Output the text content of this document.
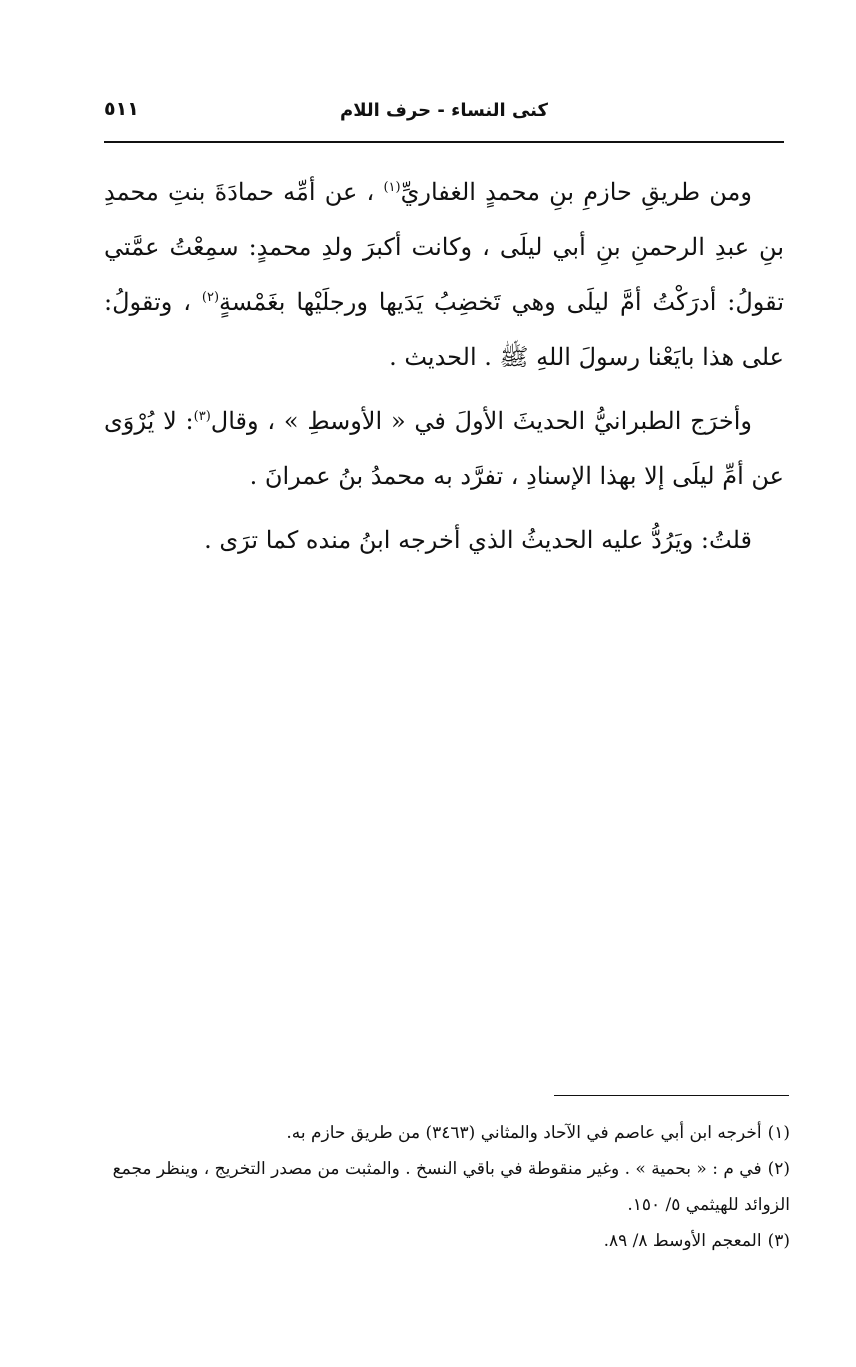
كنى النساء - حرف اللام
٥١١

ومن طريقِ حازمِ بنِ محمدٍ الغفاريِّ$^{(١)}$ ، عن أمِّه حمادَةَ بنتِ محمدِ بنِ عبدِ الرحمنِ بنِ أبي ليلَى ، وكانت أكبرَ ولدِ محمدٍ: سمِعْتُ عمَّتي تقولُ: أدرَكْتُ أمَّ ليلَى وهي تَخضِبُ يَدَيها ورجلَيْها بغَمْسةٍ$^{(٢)}$ ، وتقولُ: على هذا بايَعْنا رسولَ اللهِ ﷺ . الحديث .

وأخرَج الطبرانيُّ الحديثَ الأولَ في « الأوسطِ » ، وقال$^{(٣)}$: لا يُرْوَى عن أمِّ ليلَى إلا بهذا الإسنادِ ، تفرَّد به محمدُ بنُ عمرانَ .

قلتُ: ويَرُدُّ عليه الحديثُ الذي أخرجه ابنُ منده كما ترَى .

(١)أخرجه ابن أبي عاصم في الآحاد والمثاني (٣٤٦٣) من طريق حازم به.

(٢)في م : « بحمية » . وغير منقوطة في باقي النسخ . والمثبت من مصدر التخريج ، وينظر مجمع الزوائد للهيثمي ٥/ ١٥٠.

(٣)المعجم الأوسط ٨/ ٨٩.
